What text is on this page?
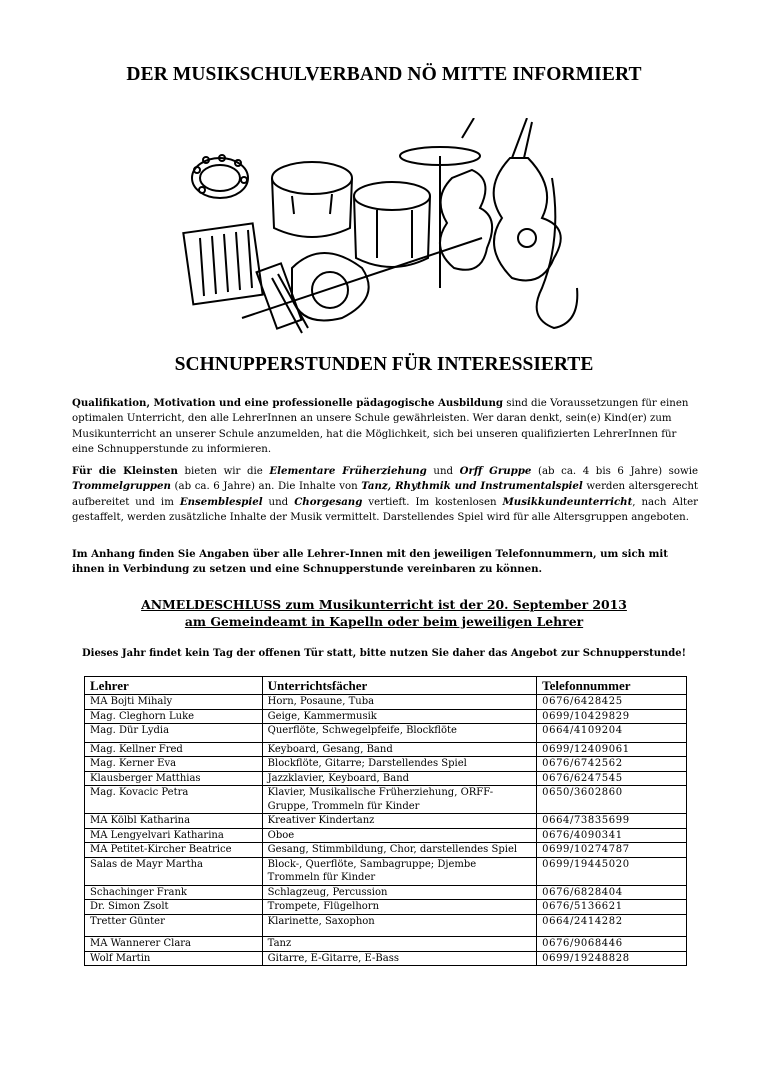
DER MUSIKSCHULVERBAND NÖ MITTE INFORMIERT
SCHNUPPERSTUNDEN FÜR INTERESSIERTE
Qualifikation, Motivation und eine professionelle pädagogische Ausbildung sind die Voraussetzungen für einen optimalen Unterricht, den alle LehrerInnen an unsere Schule gewährleisten. Wer daran denkt, sein(e) Kind(er) zum Musikunterricht an unserer Schule anzumelden, hat die Möglichkeit, sich bei unseren qualifizierten LehrerInnen für eine Schnupperstunde zu informieren.
Für die Kleinsten bieten wir die Elementare Früherziehung und Orff Gruppe (ab ca. 4 bis 6 Jahre) sowie Trommelgruppen (ab ca. 6 Jahre) an. Die Inhalte von Tanz, Rhythmik und Instrumentalspiel werden altersgerecht aufbereitet und im Ensemblespiel und Chorgesang vertieft. Im kostenlosen Musikkundeunterricht, nach Alter gestaffelt, werden zusätzliche Inhalte der Musik vermittelt. Darstellendes Spiel wird für alle Altersgruppen angeboten.
Im Anhang finden Sie Angaben über alle Lehrer-Innen mit den jeweiligen Telefonnummern, um sich mit ihnen in Verbindung zu setzen und eine Schnupperstunde vereinbaren zu können.
ANMELDESCHLUSS zum Musikunterricht ist der 20. September 2013
am Gemeindeamt in Kapelln oder beim jeweiligen Lehrer
Dieses Jahr findet kein Tag der offenen Tür statt, bitte nutzen Sie daher das Angebot zur Schnupperstunde!
Lehrer	Unterrichtsfächer	Telefonnummer
MA Bojti Mihaly	Horn, Posaune, Tuba	0676/6428425
Mag. Cleghorn Luke	Geige, Kammermusik	0699/10429829
Mag. Dür Lydia	Querflöte, Schwegelpfeife, Blockflöte	0664/4109204
Mag. Kellner Fred	Keyboard, Gesang, Band	0699/12409061
Mag. Kerner Eva	Blockflöte, Gitarre; Darstellendes Spiel	0676/6742562
Klausberger Matthias	Jazzklavier, Keyboard, Band	0676/6247545
Mag. Kovacic Petra	Klavier, Musikalische Früherziehung, ORFF-Gruppe, Trommeln für Kinder	0650/3602860
MA Kölbl Katharina	Kreativer Kindertanz	0664/73835699
MA Lengyelvari Katharina	Oboe	0676/4090341
MA Petitet-Kircher Beatrice	Gesang, Stimmbildung, Chor, darstellendes Spiel	0699/10274787
Salas de Mayr Martha	Block-, Querflöte, Sambagruppe; Djembe Trommeln für Kinder	0699/19445020
Schachinger Frank	Schlagzeug, Percussion	0676/6828404
Dr. Simon Zsolt	Trompete, Flügelhorn	0676/5136621
Tretter Günter	Klarinette, Saxophon	0664/2414282
MA Wannerer Clara	Tanz	0676/9068446
Wolf Martin	Gitarre, E-Gitarre, E-Bass	0699/19248828
